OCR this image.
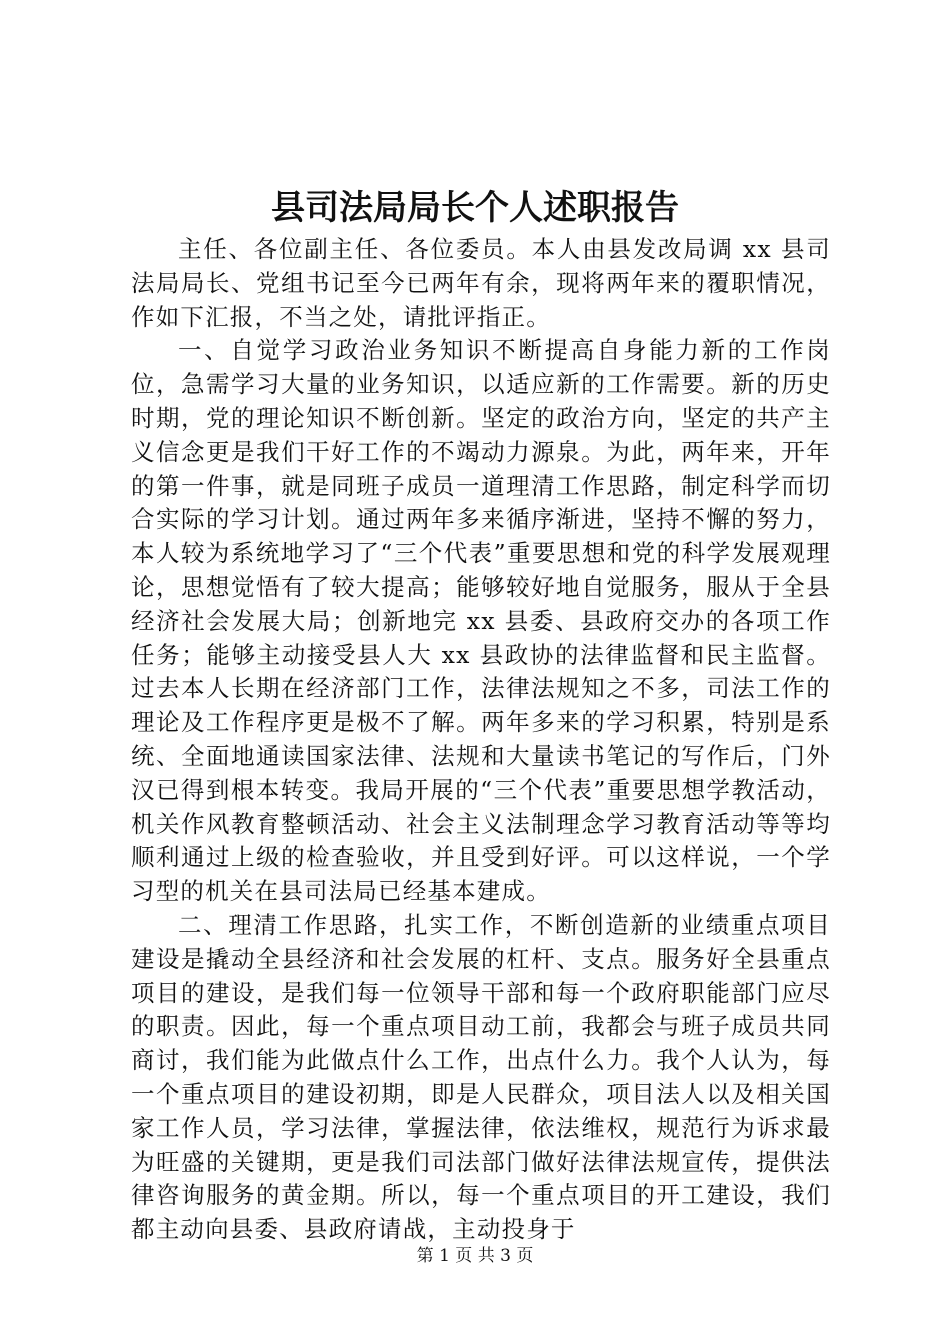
县司法局局长个人述职报告

主任、各位副主任、各位委员。本人由县发改局调 xx 县司法局局长、党组书记至今已两年有余，现将两年来的覆职情况，作如下汇报，不当之处，请批评指正。

一、自觉学习政治业务知识不断提高自身能力新的工作岗位，急需学习大量的业务知识，以适应新的工作需要。新的历史时期，党的理论知识不断创新。坚定的政治方向，坚定的共产主义信念更是我们干好工作的不竭动力源泉。为此，两年来，开年的第一件事，就是同班子成员一道理清工作思路，制定科学而切合实际的学习计划。通过两年多来循序渐进，坚持不懈的努力，本人较为系统地学习了“三个代表”重要思想和党的科学发展观理论，思想觉悟有了较大提高；能够较好地自觉服务，服从于全县经济社会发展大局；创新地完 xx 县委、县政府交办的各项工作任务；能够主动接受县人大 xx 县政协的法律监督和民主监督。过去本人长期在经济部门工作，法律法规知之不多，司法工作的理论及工作程序更是极不了解。两年多来的学习积累，特别是系统、全面地通读国家法律、法规和大量读书笔记的写作后，门外汉已得到根本转变。我局开展的“三个代表”重要思想学教活动，机关作风教育整顿活动、社会主义法制理念学习教育活动等等均顺利通过上级的检查验收，并且受到好评。可以这样说，一个学习型的机关在县司法局已经基本建成。

二、理清工作思路，扎实工作，不断创造新的业绩重点项目建设是撬动全县经济和社会发展的杠杆、支点。服务好全县重点项目的建设，是我们每一位领导干部和每一个政府职能部门应尽的职责。因此，每一个重点项目动工前，我都会与班子成员共同商讨，我们能为此做点什么工作，出点什么力。我个人认为，每一个重点项目的建设初期，即是人民群众，项目法人以及相关国家工作人员，学习法律，掌握法律，依法维权，规范行为诉求最为旺盛的关键期，更是我们司法部门做好法律法规宣传，提供法律咨询服务的黄金期。所以，每一个重点项目的开工建设，我们都主动向县委、县政府请战，主动投身于

第 1 页 共 3 页
